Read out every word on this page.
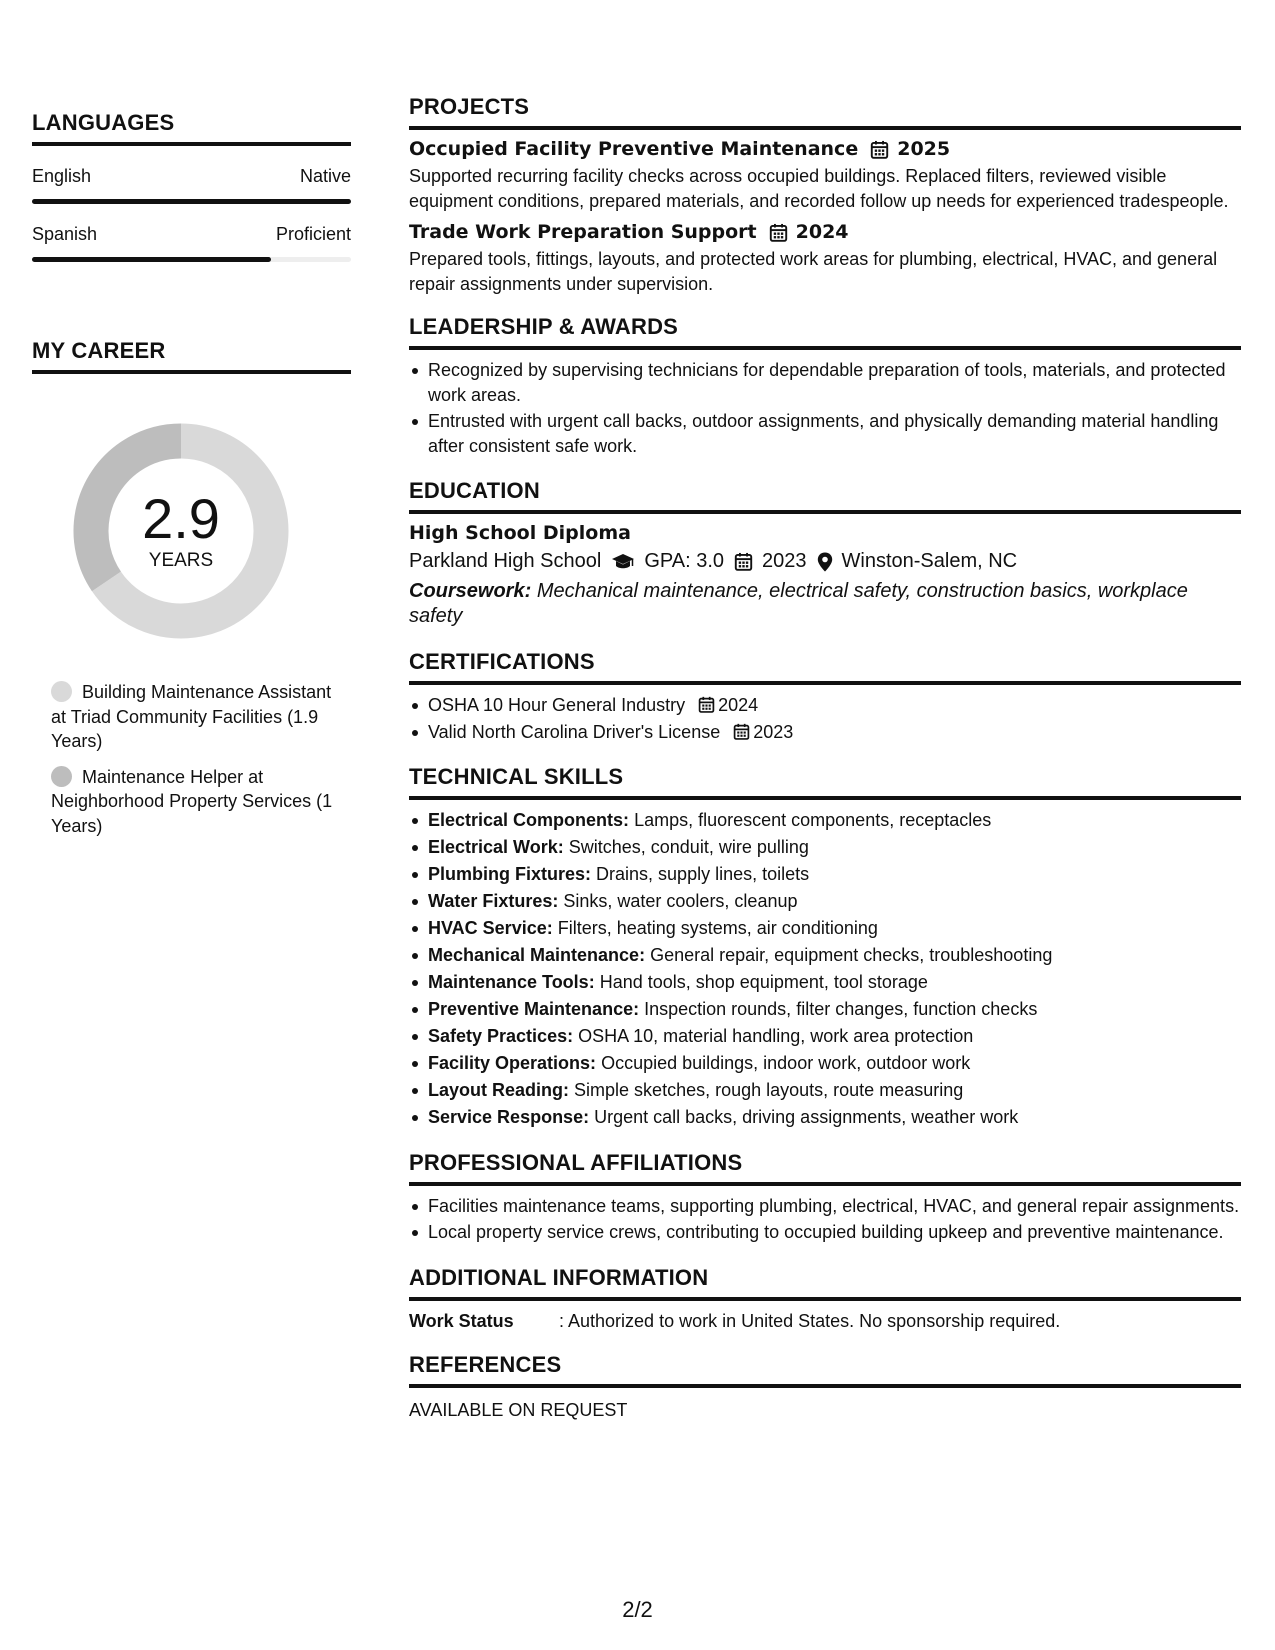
LANGUAGES
English	Native
Spanish	Proficient
MY CAREER
2.9
YEARS
Building Maintenance Assistant at Triad Community Facilities (1.9 Years)
Maintenance Helper at Neighborhood Property Services (1 Years)
PROJECTS
Occupied Facility Preventive Maintenance 2025
Supported recurring facility checks across occupied buildings. Replaced filters, reviewed visible equipment conditions, prepared materials, and recorded follow up needs for experienced tradespeople.
Trade Work Preparation Support 2024
Prepared tools, fittings, layouts, and protected work areas for plumbing, electrical, HVAC, and general repair assignments under supervision.
LEADERSHIP & AWARDS
Recognized by supervising technicians for dependable preparation of tools, materials, and protected work areas.
Entrusted with urgent call backs, outdoor assignments, and physically demanding material handling after consistent safe work.
EDUCATION
High School Diploma
Parkland High School GPA: 3.0 2023 Winston-Salem, NC
Coursework: Mechanical maintenance, electrical safety, construction basics, workplace safety
CERTIFICATIONS
OSHA 10 Hour General Industry 2024
Valid North Carolina Driver's License 2023
TECHNICAL SKILLS
Electrical Components: Lamps, fluorescent components, receptacles
Electrical Work: Switches, conduit, wire pulling
Plumbing Fixtures: Drains, supply lines, toilets
Water Fixtures: Sinks, water coolers, cleanup
HVAC Service: Filters, heating systems, air conditioning
Mechanical Maintenance: General repair, equipment checks, troubleshooting
Maintenance Tools: Hand tools, shop equipment, tool storage
Preventive Maintenance: Inspection rounds, filter changes, function checks
Safety Practices: OSHA 10, material handling, work area protection
Facility Operations: Occupied buildings, indoor work, outdoor work
Layout Reading: Simple sketches, rough layouts, route measuring
Service Response: Urgent call backs, driving assignments, weather work
PROFESSIONAL AFFILIATIONS
Facilities maintenance teams, supporting plumbing, electrical, HVAC, and general repair assignments.
Local property service crews, contributing to occupied building upkeep and preventive maintenance.
ADDITIONAL INFORMATION
Work Status	: Authorized to work in United States. No sponsorship required.
REFERENCES
AVAILABLE ON REQUEST
2/2
